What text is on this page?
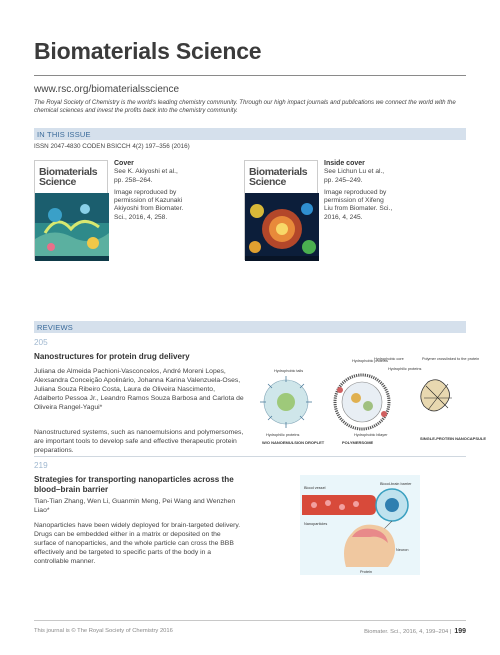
Biomaterials Science
www.rsc.org/biomaterialsscience
The Royal Society of Chemistry is the world's leading chemistry community. Through our high impact journals and publications we connect the world with the chemical sciences and invest the profits back into the chemistry community.
IN THIS ISSUE
ISSN 2047-4830 CODEN BSICCH 4(2) 197–356 (2016)
Biomaterials
Science

Cover
See K. Akiyoshi et al.,
pp. 258–264.

Image reproduced by permission of Kazunaki Akiyoshi from Biomater. Sci., 2016, 4, 258.

Biomaterials
Science

Inside cover
See Lichun Lu et al.,
pp. 245–249.

Image reproduced by permission of Xifeng Liu from Biomater. Sci., 2016, 4, 245.

REVIEWS
205
Nanostructures for protein drug delivery
Juliana de Almeida Pachioni-Vasconcelos, André Moreni Lopes, Alexsandra Conceição Apolinário, Johanna Karina Valenzuela-Oses, Juliana Souza Ribeiro Costa, Laura de Oliveira Nascimento, Adalberto Pessoa Jr., Leandro Ramos Souza Barbosa and Carlota de Oliveira Rangel-Yagui*
Nanostructured systems, such as nanoemulsions and polymersomes, are important tools to develop safe and effective therapeutic protein preparations.
Hydrophobic tails
Hydrophobic proteins
Hydrophobic core
Hydrophilic proteins
Hydrophilic proteins	Hydrophobic bilayer
Polymer crosslinked to the protein
W/O NANOEMULSION DROPLET	POLYMERSOME
SINGLE-PROTEIN NANOCAPSULE
219
Strategies for transporting nanoparticles across the blood–brain barrier
Tian-Tian Zhang, Wen Li, Guanmin Meng, Pei Wang and Wenzhen Liao*
Nanoparticles have been widely deployed for brain-targeted delivery. Drugs can be embedded either in a matrix or deposited on the surface of nanoparticles, and the whole particle can cross the BBB effectively and be targeted to specific parts of the body in a controllable manner.
Blood vessel
Blood-brain barrier
Nanoparticles
Neuron
Protein
This journal is © The Royal Society of Chemistry 2016	Biomater. Sci., 2016, 4, 199–204 | 199
